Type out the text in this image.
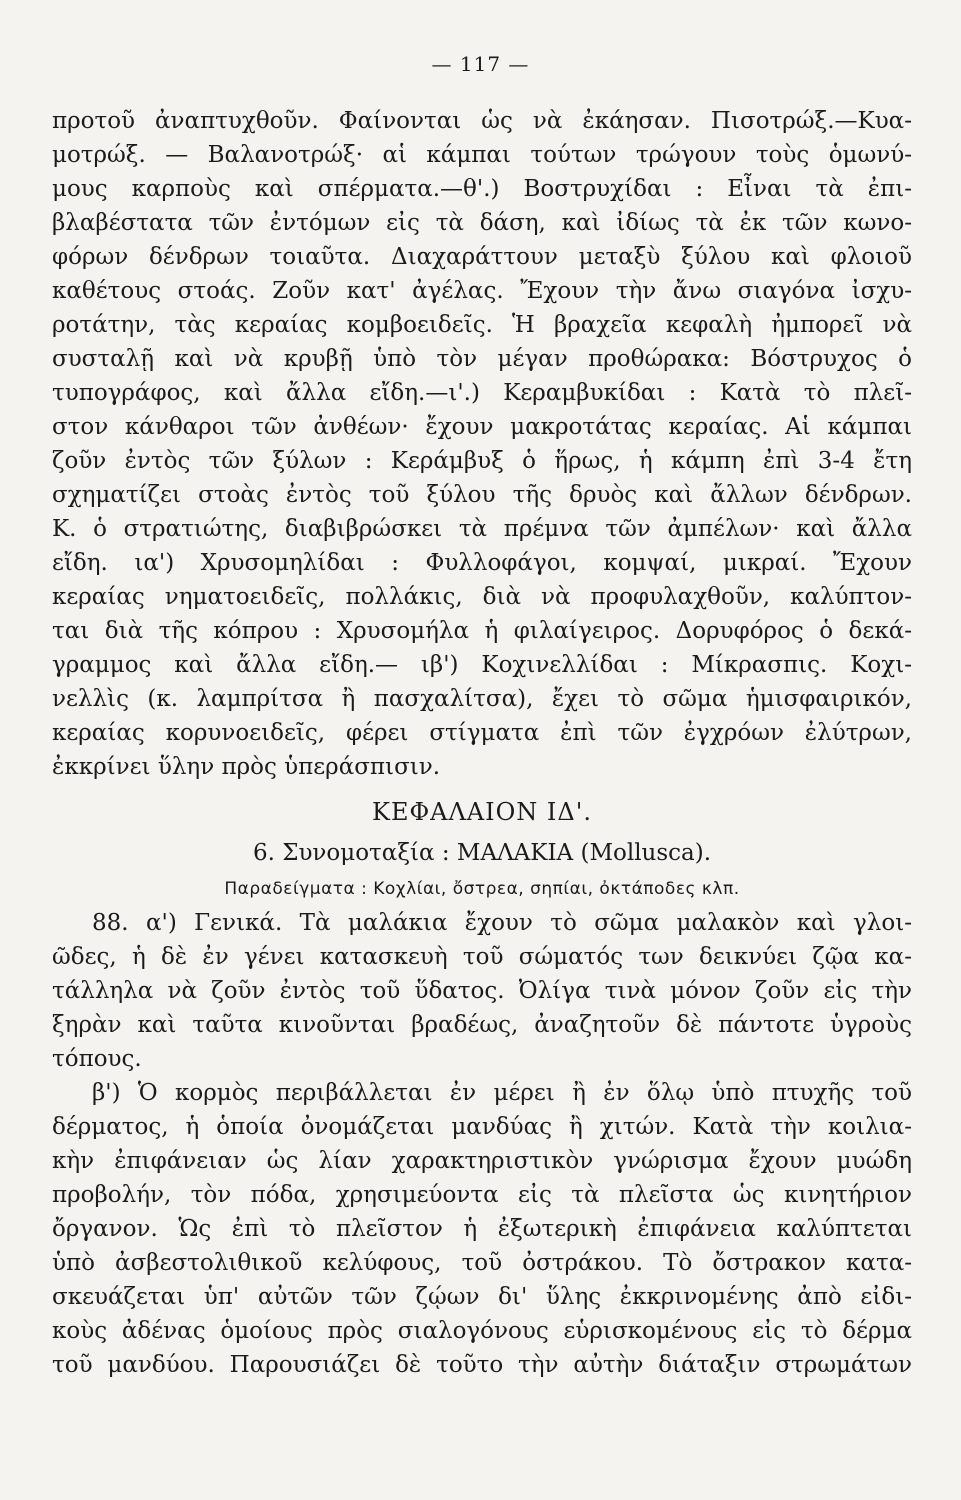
— 117 —
προτοῦ ἀναπτυχθοῦν. Φαίνονται ὡς νὰ ἐκάησαν. Πισοτρώξ.—Κυα-
μοτρώξ. — Βαλανοτρώξ· αἱ κάμπαι τούτων τρώγουν τοὺς ὁμωνύ-
μους καρποὺς καὶ σπέρματα.—θ'.) Βοστρυχίδαι : Εἶναι τὰ ἐπι-
βλαβέστατα τῶν ἐντόμων εἰς τὰ δάση, καὶ ἰδίως τὰ ἐκ τῶν κωνο-
φόρων δένδρων τοιαῦτα. Διαχαράττουν μεταξὺ ξύλου καὶ φλοιοῦ
καθέτους στοάς. Ζοῦν κατ' ἀγέλας. Ἔχουν τὴν ἄνω σιαγόνα ἰσχυ-
ροτάτην, τὰς κεραίας κομβοειδεῖς. Ἡ βραχεῖα κεφαλὴ ἠμπορεῖ νὰ
συσταλῇ καὶ νὰ κρυβῇ ὑπὸ τὸν μέγαν προθώρακα: Βόστρυχος ὁ
τυπογράφος, καὶ ἄλλα εἴδη.—ι'.) Κεραμβυκίδαι : Κατὰ τὸ πλεῖ-
στον κάνθαροι τῶν ἀνθέων· ἔχουν μακροτάτας κεραίας. Αἱ κάμπαι
ζοῦν ἐντὸς τῶν ξύλων : Κεράμβυξ ὁ ἥρως, ἡ κάμπη ἐπὶ 3-4 ἔτη
σχηματίζει στοὰς ἐντὸς τοῦ ξύλου τῆς δρυὸς καὶ ἄλλων δένδρων.
Κ. ὁ στρατιώτης, διαβιβρώσκει τὰ πρέμνα τῶν ἀμπέλων· καὶ ἄλλα
εἴδη. ια') Χρυσομηλίδαι : Φυλλοφάγοι, κομψαί, μικραί. Ἔχουν
κεραίας νηματοειδεῖς, πολλάκις, διὰ νὰ προφυλαχθοῦν, καλύπτον-
ται διὰ τῆς κόπρου : Χρυσομήλα ἡ φιλαίγειρος. Δορυφόρος ὁ δεκά-
γραμμος καὶ ἄλλα εἴδη.— ιβ') Κοχινελλίδαι : Μίκρασπις. Κοχι-
νελλὶς (κ. λαμπρίτσα ἢ πασχαλίτσα), ἔχει τὸ σῶμα ἡμισφαιρικόν,
κεραίας κορυνοειδεῖς, φέρει στίγματα ἐπὶ τῶν ἐγχρόων ἐλύτρων,
ἐκκρίνει ὕλην πρὸς ὑπεράσπισιν.
ΚΕΦΑΛΑΙΟΝ ΙΔ'.
6. Συνομοταξία : ΜΑΛΑΚΙΑ (Mollusca).
Παραδείγματα : Κοχλίαι, ὄστρεα, σηπίαι, ὀκτάποδες κλπ.
88. α') Γενικά. Τὰ μαλάκια ἔχουν τὸ σῶμα μαλακὸν καὶ γλοι-
ῶδες, ἡ δὲ ἐν γένει κατασκευὴ τοῦ σώματός των δεικνύει ζῷα κα-
τάλληλα νὰ ζοῦν ἐντὸς τοῦ ὕδατος. Ὀλίγα τινὰ μόνον ζοῦν εἰς τὴν
ξηρὰν καὶ ταῦτα κινοῦνται βραδέως, ἀναζητοῦν δὲ πάντοτε ὑγροὺς
τόπους.
β') Ὁ κορμὸς περιβάλλεται ἐν μέρει ἢ ἐν ὅλῳ ὑπὸ πτυχῆς τοῦ
δέρματος, ἡ ὁποία ὀνομάζεται μανδύας ἢ χιτών. Κατὰ τὴν κοιλια-
κὴν ἐπιφάνειαν ὡς λίαν χαρακτηριστικὸν γνώρισμα ἔχουν μυώδη
προβολήν, τὸν πόδα, χρησιμεύοντα εἰς τὰ πλεῖστα ὡς κινητήριον
ὄργανον. Ὡς ἐπὶ τὸ πλεῖστον ἡ ἐξωτερικὴ ἐπιφάνεια καλύπτεται
ὑπὸ ἀσβεστολιθικοῦ κελύφους, τοῦ ὀστράκου. Τὸ ὄστρακον κατα-
σκευάζεται ὑπ' αὐτῶν τῶν ζῴων δι' ὕλης ἐκκρινομένης ἀπὸ εἰδι-
κοὺς ἀδένας ὁμοίους πρὸς σιαλογόνους εὑρισκομένους εἰς τὸ δέρμα
τοῦ μανδύου. Παρουσιάζει δὲ τοῦτο τὴν αὐτὴν διάταξιν στρωμάτων
